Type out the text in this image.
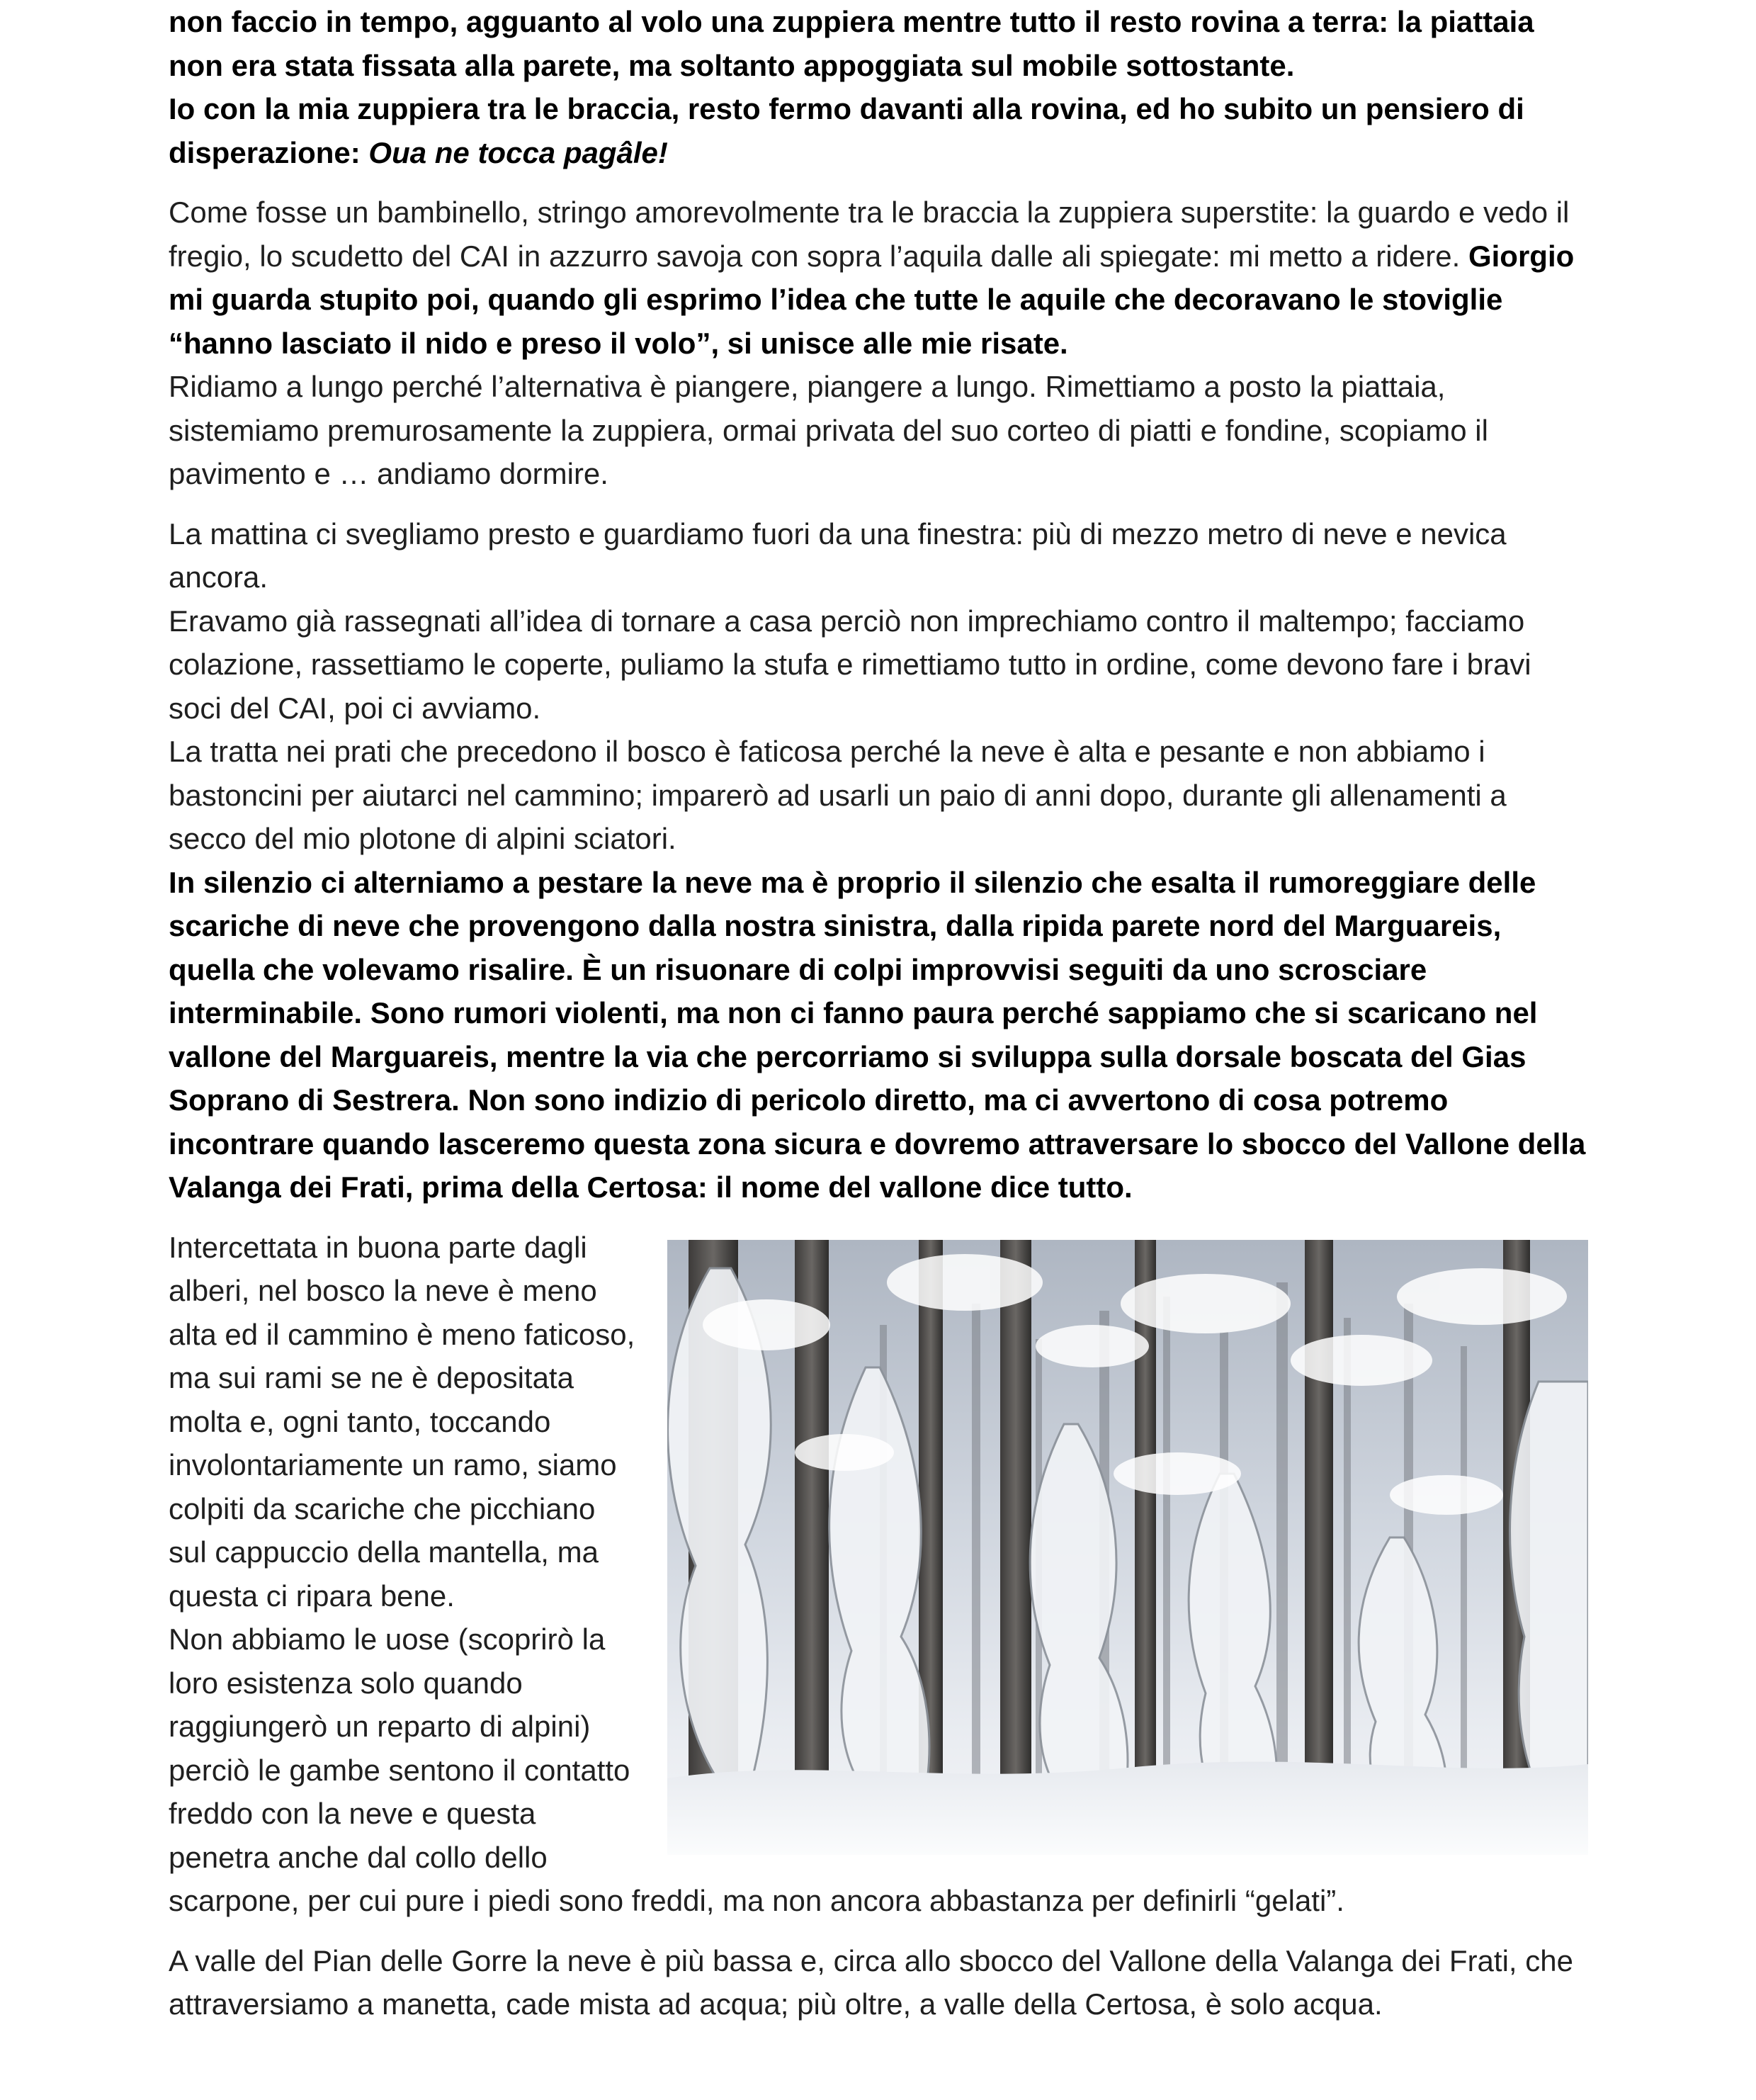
non faccio in tempo, agguanto al volo una zuppiera mentre tutto il resto rovina a terra: la piattaia non era stata fissata alla parete, ma soltanto appoggiata sul mobile sottostante.

Io con la mia zuppiera tra le braccia, resto fermo davanti alla rovina, ed ho subito un pensiero di disperazione: Oua ne tocca pagâle!

Come fosse un bambinello, stringo amorevolmente tra le braccia la zuppiera superstite: la guardo e vedo il fregio, lo scudetto del CAI in azzurro savoja con sopra l’aquila dalle ali spiegate: mi metto a ridere. Giorgio mi guarda stupito poi, quando gli esprimo l’idea che tutte le aquile che decoravano le stoviglie “hanno lasciato il nido e preso il volo”, si unisce alle mie risate.

Ridiamo a lungo perché l’alternativa è piangere, piangere a lungo. Rimettiamo a posto la piattaia, sistemiamo premurosamente la zuppiera, ormai privata del suo corteo di piatti e fondine, scopiamo il pavimento e … andiamo dormire.

La mattina ci svegliamo presto e guardiamo fuori da una finestra: più di mezzo metro di neve e nevica ancora.

Eravamo già rassegnati all’idea di tornare a casa perciò non imprechiamo contro il maltempo; facciamo colazione, rassettiamo le coperte, puliamo la stufa e rimettiamo tutto in ordine, come devono fare i bravi soci del CAI, poi ci avviamo.

La tratta nei prati che precedono il bosco è faticosa perché la neve è alta e pesante e non abbiamo i bastoncini per aiutarci nel cammino; imparerò ad usarli un paio di anni dopo, durante gli allenamenti a secco del mio plotone di alpini sciatori.

In silenzio ci alterniamo a pestare la neve ma è proprio il silenzio che esalta il rumoreggiare delle scariche di neve che provengono dalla nostra sinistra, dalla ripida parete nord del Marguareis, quella che volevamo risalire. È un risuonare di colpi improvvisi seguiti da uno scrosciare interminabile. Sono rumori violenti, ma non ci fanno paura perché sappiamo che si scaricano nel vallone del Marguareis, mentre la via che percorriamo si sviluppa sulla dorsale boscata del Gias Soprano di Sestrera. Non sono indizio di pericolo diretto, ma ci avvertono di cosa potremo incontrare quando lasceremo questa zona sicura e dovremo attraversare lo sbocco del Vallone della Valanga dei Frati, prima della Certosa: il nome del vallone dice tutto.

Intercettata in buona parte dagli alberi, nel bosco la neve è meno alta ed il cammino è meno faticoso, ma sui rami se ne è depositata molta e, ogni tanto, toccando involontariamente un ramo, siamo colpiti da scariche che picchiano sul cappuccio della mantella, ma questa ci ripara bene.

Non abbiamo le uose (scoprirò la loro esistenza solo quando raggiungerò un reparto di alpini) perciò le gambe sentono il contatto freddo con la neve e questa penetra anche dal collo dello scarpone, per cui pure i piedi sono freddi, ma non ancora abbastanza per definirli “gelati”.

A valle del Pian delle Gorre la neve è più bassa e, circa allo sbocco del Vallone della Valanga dei Frati, che attraversiamo a manetta, cade mista ad acqua; più oltre, a valle della Certosa, è solo acqua.
